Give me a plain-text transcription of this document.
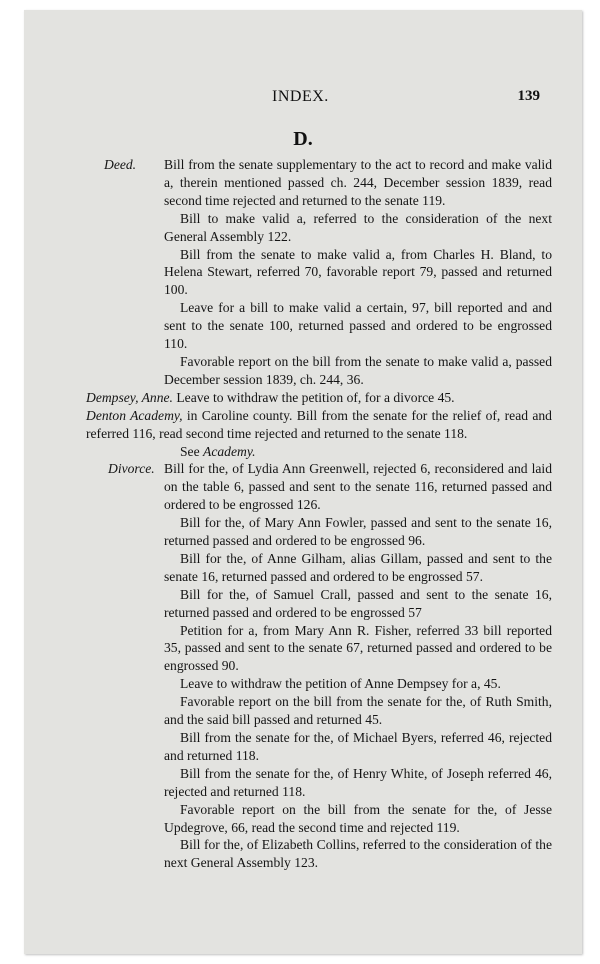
INDEX.	139
D.
Deed. Bill from the senate supplementary to the act to record and make valid a, therein mentioned passed ch. 244, December session 1839, read second time rejected and returned to the senate 119.

Bill to make valid a, referred to the consideration of the next General Assembly 122.

Bill from the senate to make valid a, from Charles H. Bland, to Helena Stewart, referred 70, favorable report 79, passed and returned 100.

Leave for a bill to make valid a certain, 97, bill reported and and sent to the senate 100, returned passed and ordered to be engrossed 110.

Favorable report on the bill from the senate to make valid a, passed December session 1839, ch. 244, 36.

Dempsey, Anne. Leave to withdraw the petition of, for a divorce 45.

Denton Academy, in Caroline county. Bill from the senate for the relief of, read and referred 116, read second time rejected and returned to the senate 118.

See Academy.

Divorce. Bill for the, of Lydia Ann Greenwell, rejected 6, reconsidered and laid on the table 6, passed and sent to the senate 116, returned passed and ordered to be engrossed 126.

Bill for the, of Mary Ann Fowler, passed and sent to the senate 16, returned passed and ordered to be engrossed 96.

Bill for the, of Anne Gilham, alias Gillam, passed and sent to the senate 16, returned passed and ordered to be engrossed 57.

Bill for the, of Samuel Crall, passed and sent to the senate 16, returned passed and ordered to be engrossed 57

Petition for a, from Mary Ann R. Fisher, referred 33 bill reported 35, passed and sent to the senate 67, returned passed and ordered to be engrossed 90.

Leave to withdraw the petition of Anne Dempsey for a, 45.

Favorable report on the bill from the senate for the, of Ruth Smith, and the said bill passed and returned 45.

Bill from the senate for the, of Michael Byers, referred 46, rejected and returned 118.

Bill from the senate for the, of Henry White, of Joseph referred 46, rejected and returned 118.

Favorable report on the bill from the senate for the, of Jesse Updegrove, 66, read the second time and rejected 119.

Bill for the, of Elizabeth Collins, referred to the consideration of the next General Assembly 123.
